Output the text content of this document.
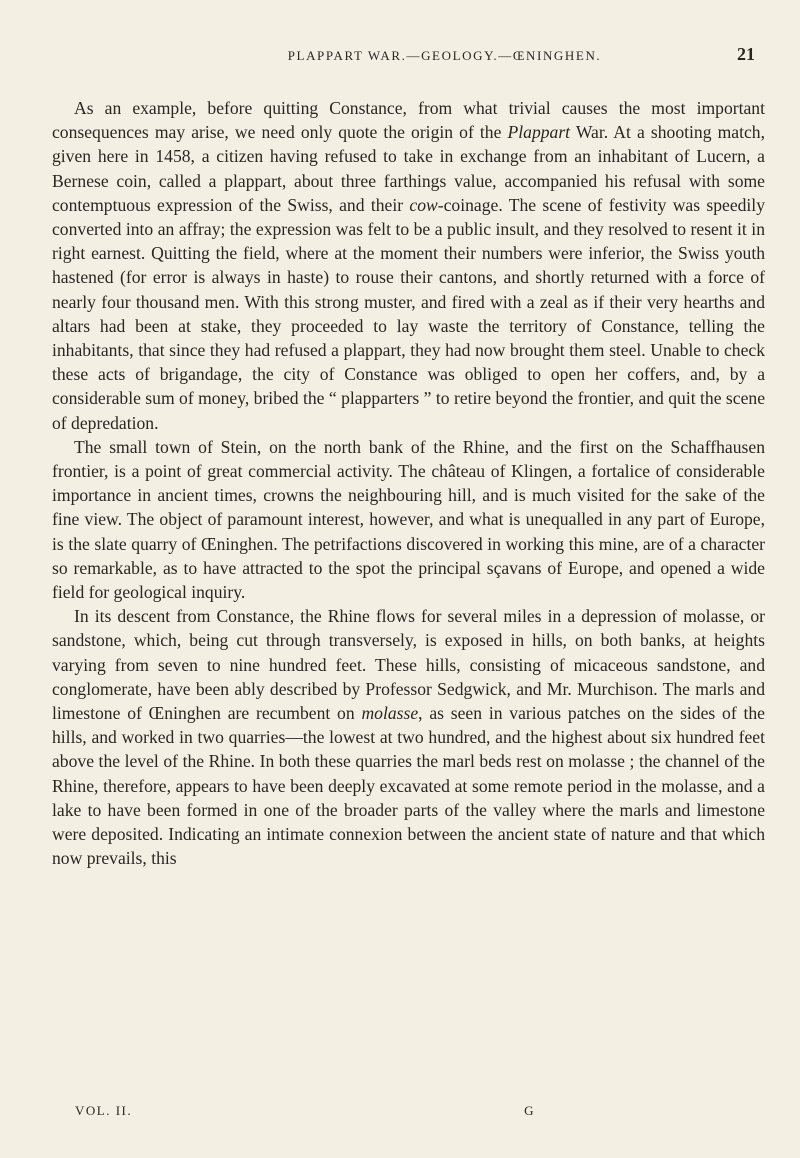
PLAPPART WAR.—GEOLOGY.—ŒNINGHEN.	21

As an example, before quitting Constance, from what trivial causes the most important consequences may arise, we need only quote the origin of the Plappart War. At a shooting match, given here in 1458, a citizen having refused to take in exchange from an inhabitant of Lucern, a Bernese coin, called a plappart, about three farthings value, accompanied his refusal with some contemptuous expression of the Swiss, and their cow-coinage. The scene of festivity was speedily converted into an affray; the expression was felt to be a public insult, and they resolved to resent it in right earnest. Quitting the field, where at the moment their numbers were inferior, the Swiss youth hastened (for error is always in haste) to rouse their cantons, and shortly returned with a force of nearly four thousand men. With this strong muster, and fired with a zeal as if their very hearths and altars had been at stake, they proceeded to lay waste the territory of Constance, telling the inhabitants, that since they had refused a plappart, they had now brought them steel. Unable to check these acts of brigandage, the city of Constance was obliged to open her coffers, and, by a considerable sum of money, bribed the “ plapparters ” to retire beyond the frontier, and quit the scene of depredation.

The small town of Stein, on the north bank of the Rhine, and the first on the Schaffhausen frontier, is a point of great commercial activity. The château of Klingen, a fortalice of considerable importance in ancient times, crowns the neighbouring hill, and is much visited for the sake of the fine view. The object of paramount interest, however, and what is unequalled in any part of Europe, is the slate quarry of Œninghen. The petrifactions discovered in working this mine, are of a character so remarkable, as to have attracted to the spot the principal sçavans of Europe, and opened a wide field for geological inquiry.

In its descent from Constance, the Rhine flows for several miles in a depression of molasse, or sandstone, which, being cut through transversely, is exposed in hills, on both banks, at heights varying from seven to nine hundred feet. These hills, consisting of micaceous sandstone, and conglomerate, have been ably described by Professor Sedgwick, and Mr. Murchison. The marls and limestone of Œninghen are recumbent on molasse, as seen in various patches on the sides of the hills, and worked in two quarries—the lowest at two hundred, and the highest about six hundred feet above the level of the Rhine. In both these quarries the marl beds rest on molasse ; the channel of the Rhine, therefore, appears to have been deeply excavated at some remote period in the molasse, and a lake to have been formed in one of the broader parts of the valley where the marls and limestone were deposited. Indicating an intimate connexion between the ancient state of nature and that which now prevails, this

VOL. II.	G
